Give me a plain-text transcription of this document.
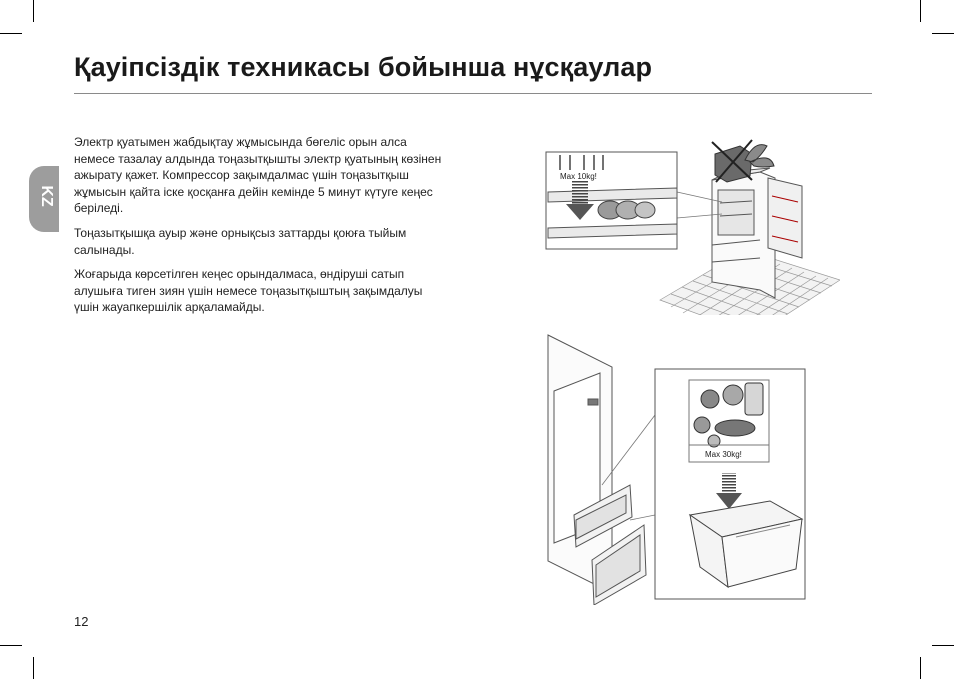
Қауіпсіздік техникасы бойынша нұсқаулар
KZ

Электр қуатымен жабдықтау жұмысында бөгеліс орын алса немесе тазалау алдында тоңазытқышты электр қуатының көзінен ажырату қажет. Компрессор зақымдалмас үшін тоңазытқыш жұмысын қайта іске қосқанға дейін кемінде 5 минут күтуге кеңес беріледі.

Тоңазытқышқа ауыр және орнықсыз заттарды қоюға тыйым салынады.

Жоғарыда көрсетілген кеңес орындалмаса, өндіруші сатып алушыға тиген зиян үшін немесе тоңазытқыштың зақымдалуы үшін жауапкершілік арқаламайды.

Max 10kg!
Max 30kg!
12
